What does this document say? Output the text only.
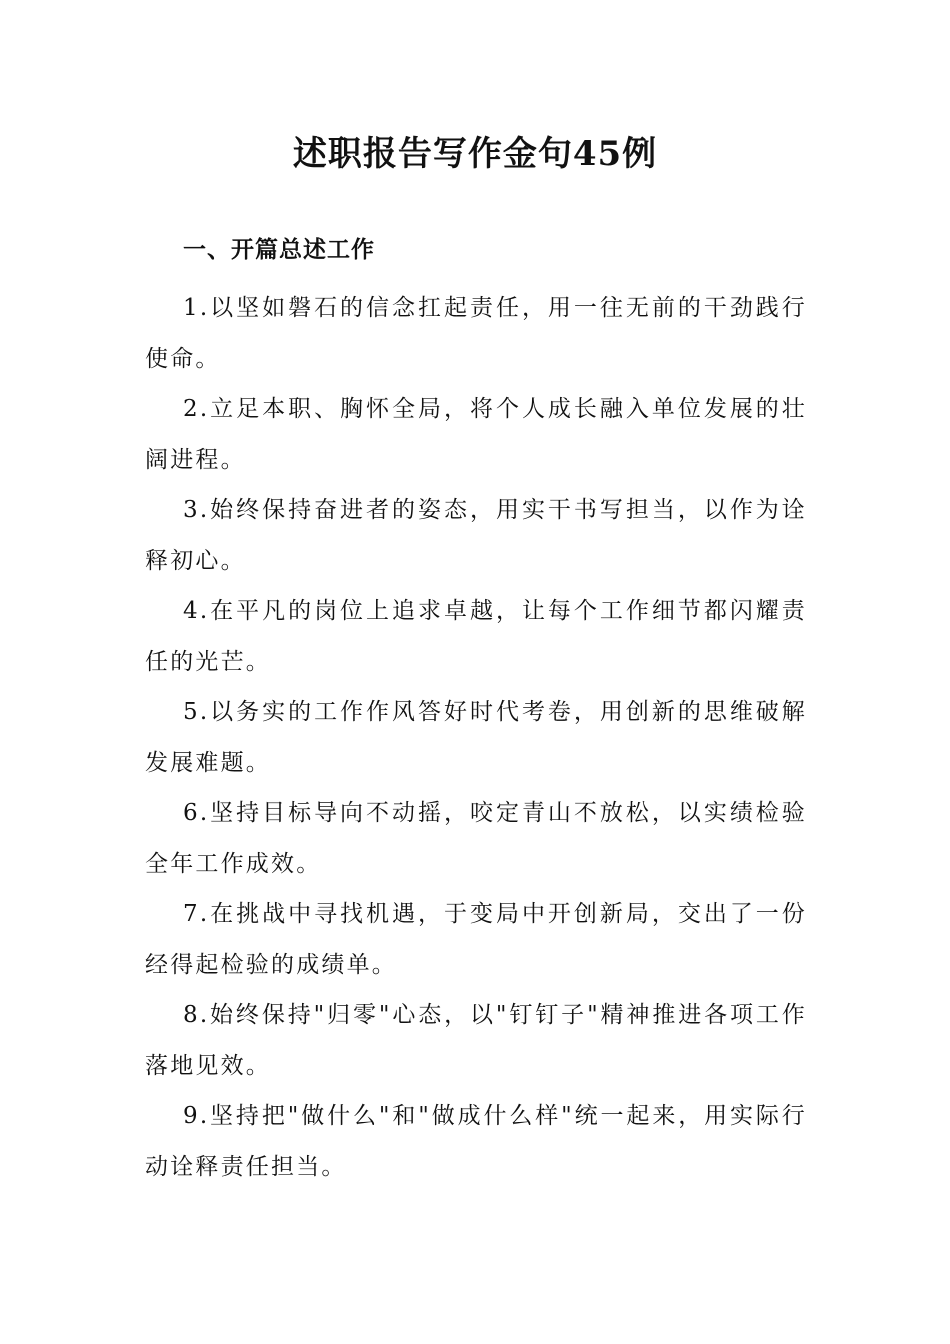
述职报告写作金句45例
一、开篇总述工作

1.以坚如磐石的信念扛起责任，用一往无前的干劲践行使命。

2.立足本职、胸怀全局，将个人成长融入单位发展的壮阔进程。

3.始终保持奋进者的姿态，用实干书写担当，以作为诠释初心。

4.在平凡的岗位上追求卓越，让每个工作细节都闪耀责任的光芒。

5.以务实的工作作风答好时代考卷，用创新的思维破解发展难题。

6.坚持目标导向不动摇，咬定青山不放松，以实绩检验全年工作成效。

7.在挑战中寻找机遇，于变局中开创新局，交出了一份经得起检验的成绩单。

8.始终保持"归零"心态，以"钉钉子"精神推进各项工作落地见效。

9.坚持把"做什么"和"做成什么样"统一起来，用实际行动诠释责任担当。
